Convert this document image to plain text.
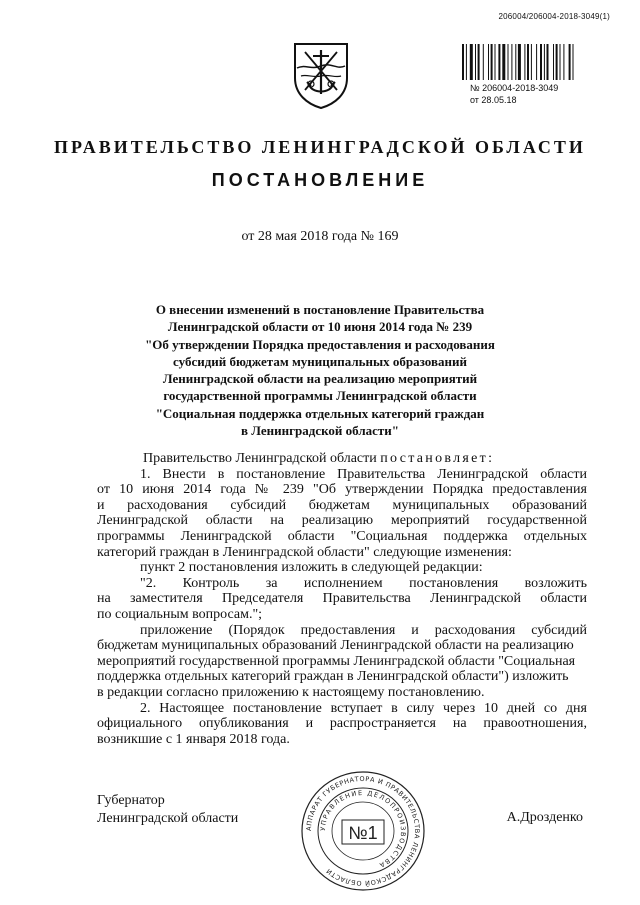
206004/206004-2018-3049(1)
№ 206004-2018-3049
от 28.05.18
ПРАВИТЕЛЬСТВО ЛЕНИНГРАДСКОЙ ОБЛАСТИ
ПОСТАНОВЛЕНИЕ
от 28 мая 2018 года № 169
О внесении изменений в постановление Правительства
Ленинградской области от 10 июня 2014 года № 239
"Об утверждении Порядка предоставления и расходования
субсидий бюджетам муниципальных образований
Ленинградской области на реализацию мероприятий
государственной программы Ленинградской области
"Социальная поддержка отдельных категорий граждан
в Ленинградской области"
Правительство Ленинградской области постановляет:
1. Внести в постановление Правительства Ленинградской области
от 10 июня 2014 года № 239 "Об утверждении Порядка предоставления
и расходования субсидий бюджетам муниципальных образований
Ленинградской области на реализацию мероприятий государственной
программы Ленинградской области "Социальная поддержка отдельных
категорий граждан в Ленинградской области" следующие изменения:
пункт 2 постановления изложить в следующей редакции:
"2. Контроль за исполнением постановления возложить
на заместителя Председателя Правительства Ленинградской области
по социальным вопросам.";
приложение (Порядок предоставления и расходования субсидий
бюджетам муниципальных образований Ленинградской области на реализацию
мероприятий государственной программы Ленинградской области "Социальная
поддержка отдельных категорий граждан в Ленинградской области") изложить
в редакции согласно приложению к настоящему постановлению.
2. Настоящее постановление вступает в силу через 10 дней со дня
официального опубликования и распространяется на правоотношения,
возникшие с 1 января 2018 года.
Губернатор
Ленинградской области	А.Дрозденко
АППАРАТ ГУБЕРНАТОРА И ПРАВИТЕЛЬСТВА ЛЕНИНГРАДСКОЙ ОБЛАСТИ
УПРАВЛЕНИЕ ДЕЛОПРОИЗВОДСТВА
№1
